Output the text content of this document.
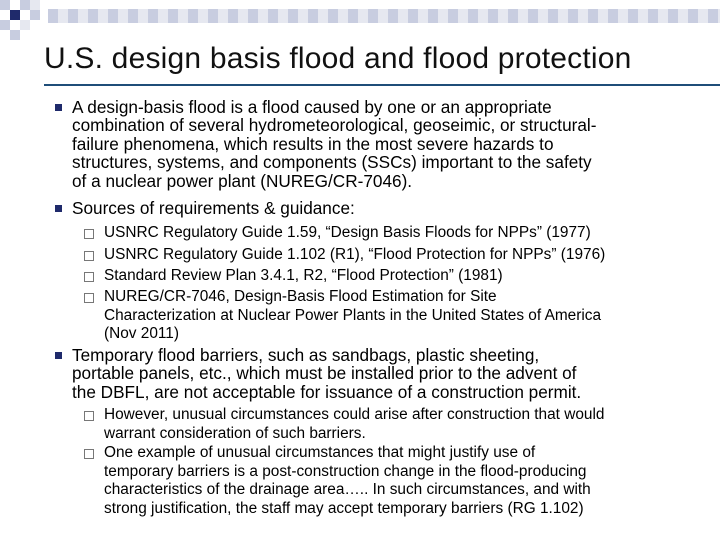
U.S. design basis flood and flood protection
A design-basis flood is a flood caused by one or an appropriate
combination of several hydrometeorological, geoseimic, or structural-
failure phenomena, which results in the most severe hazards to
structures, systems, and components (SSCs) important to the safety
of a nuclear power plant (NUREG/CR-7046).
Sources of requirements & guidance:
USNRC Regulatory Guide 1.59, “Design Basis Floods for NPPs” (1977)
USNRC Regulatory Guide 1.102 (R1), “Flood Protection for NPPs” (1976)
Standard Review Plan 3.4.1, R2, “Flood Protection” (1981)
NUREG/CR-7046, Design-Basis Flood Estimation for Site
Characterization at Nuclear Power Plants in the United States of America
(Nov 2011)
Temporary flood barriers, such as sandbags, plastic sheeting,
portable panels, etc., which must be installed prior to the advent of
the DBFL, are not acceptable for issuance of a construction permit.
However, unusual circumstances could arise after construction that would
warrant consideration of such barriers.
One example of unusual circumstances that might justify use of
temporary barriers is a post-construction change in the flood-producing
characteristics of the drainage area….. In such circumstances, and with
strong justification, the staff may accept temporary barriers (RG 1.102)
